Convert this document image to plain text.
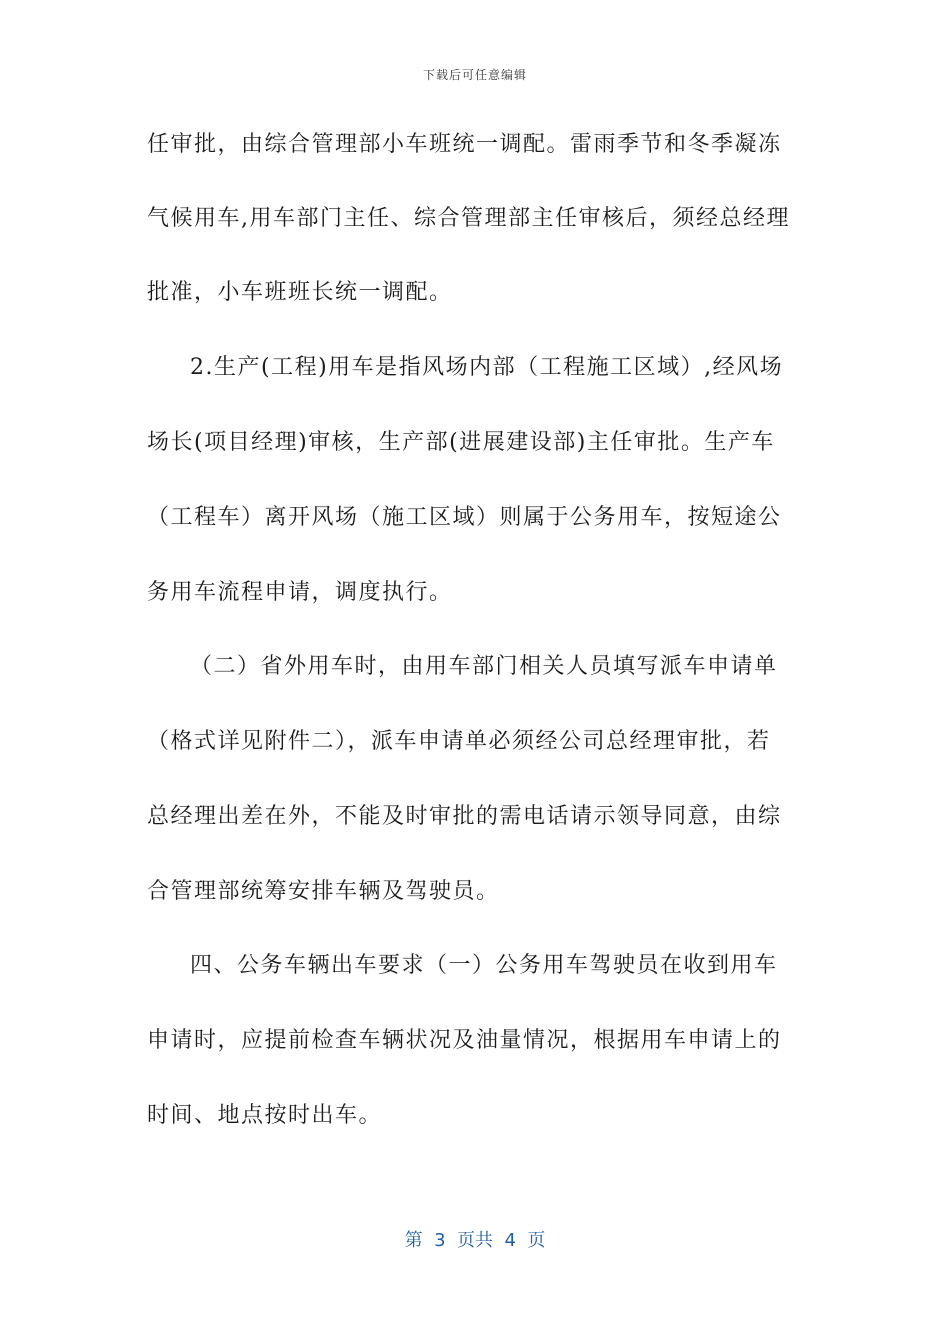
下载后可任意编辑
任审批，由综合管理部小车班统一调配。雷雨季节和冬季凝冻
气候用车,用车部门主任、综合管理部主任审核后，须经总经理
批准，小车班班长统一调配。
2.生产(工程)用车是指风场内部（工程施工区域）,经风场
场长(项目经理)审核，生产部(进展建设部)主任审批。生产车
（工程车）离开风场（施工区域）则属于公务用车，按短途公
务用车流程申请，调度执行。
（二）省外用车时，由用车部门相关人员填写派车申请单
（格式详见附件二），派车申请单必须经公司总经理审批，若
总经理出差在外，不能及时审批的需电话请示领导同意，由综
合管理部统筹安排车辆及驾驶员。
四、公务车辆出车要求（一）公务用车驾驶员在收到用车
申请时，应提前检查车辆状况及油量情况，根据用车申请上的
时间、地点按时出车。
第  3  页共  4  页
